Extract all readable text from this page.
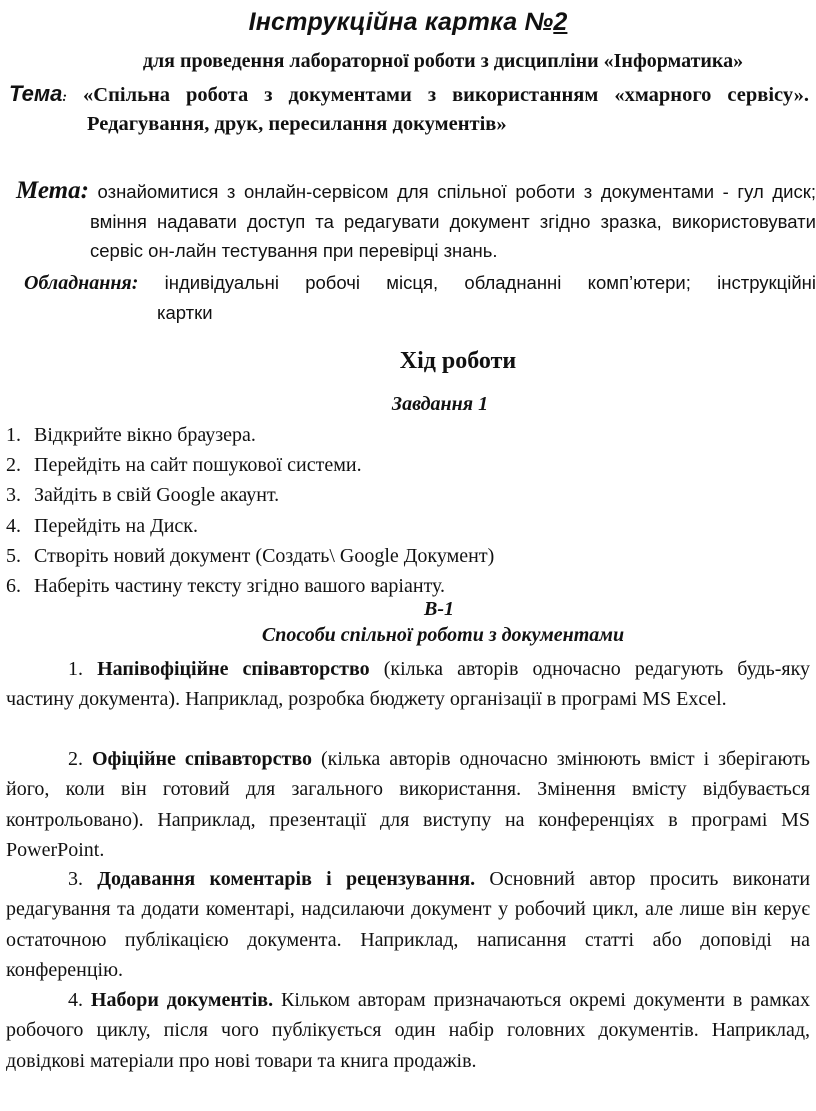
Інструкційна картка №2
для проведення лабораторної роботи з дисципліни «Інформатика»
Тема: «Спільна робота з документами з використанням «хмарного сервісу».
Редагування, друк, пересилання документів»
Мета: ознайомитися з онлайн-сервісом для спільної роботи з документами - гул диск; вміння надавати доступ та редагувати документ згідно зразка, використовувати сервіс он-лайн тестування при перевірці знань.
Обладнання: індивідуальні робочі місця, обладнанні комп’ютери; інструкційні
картки
Хід роботи
Завдання 1
1. Відкрийте вікно браузера.
2. Перейдіть на сайт пошукової системи.
3. Зайдіть в свій Google акаунт.
4. Перейдіть на Диск.
5. Створіть новий документ (Создать\ Google Документ)
6. Наберіть частину тексту згідно вашого варіанту.
В-1
Способи спільної роботи з документами

1. Напівофіційне співавторство (кілька авторів одночасно редагують будь-яку частину документа). Наприклад, розробка бюджету організації в програмі MS Excel.

2. Офіційне співавторство (кілька авторів одночасно змінюють вміст і зберігають його, коли він готовий для загального використання. Змінення вмісту відбувається контрольовано). Наприклад, презентації для виступу на конференціях в програмі MS PowerPoint.

3. Додавання коментарів і рецензування. Основний автор просить виконати редагування та додати коментарі, надсилаючи документ у робочий цикл, але лише він керує остаточною публікацією документа. Наприклад, написання статті або доповіді на конференцію.

4. Набори документів. Кільком авторам призначаються окремі документи в рамках робочого циклу, після чого публікується один набір головних документів. Наприклад, довідкові матеріали про нові товари та книга продажів.
